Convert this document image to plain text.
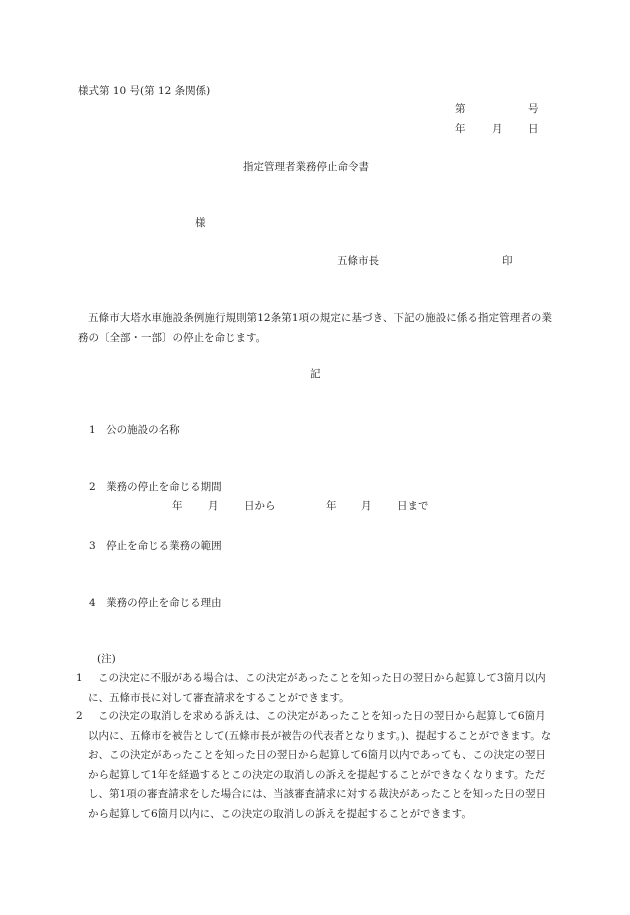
様式第 10 号(第 12 条関係)
第	号
年	月 日
指定管理者業務停止命令書
様
五條市長	印
五條市大塔水車施設条例施行規則第12条第1項の規定に基づき、下記の施設に係る指定管理者の業務の〔全部・一部〕の停止を命じます。
記
1　公の施設の名称
2　業務の停止を命じる期間
年 月 日から	年 月 日まで
3　停止を命じる業務の範囲
4　業務の停止を命じる理由
(注)
1	この決定に不服がある場合は、この決定があったことを知った日の翌日から起算して3箇月以内に、五條市長に対して審査請求をすることができます。
2	この決定の取消しを求める訴えは、この決定があったことを知った日の翌日から起算して6箇月以内に、五條市を被告として(五條市長が被告の代表者となります。)、提起することができます。なお、この決定があったことを知った日の翌日から起算して6箇月以内であっても、この決定の翌日から起算して1年を経過するとこの決定の取消しの訴えを提起することができなくなります。ただし、第1項の審査請求をした場合には、当該審査請求に対する裁決があったことを知った日の翌日から起算して6箇月以内に、この決定の取消しの訴えを提起することができます。
